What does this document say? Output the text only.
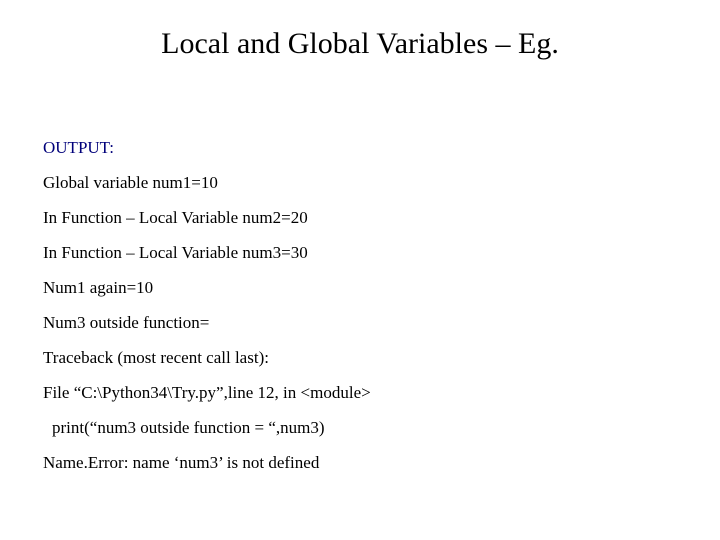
Local and Global Variables – Eg.
OUTPUT:
Global variable num1=10
In Function – Local Variable num2=20
In Function – Local Variable num3=30
Num1 again=10
Num3 outside function=
Traceback (most recent call last):
File “C:\Python34\Try.py”,line 12, in <module>
print(“num3 outside function = “,num3)
Name.Error: name ‘num3’ is not defined
